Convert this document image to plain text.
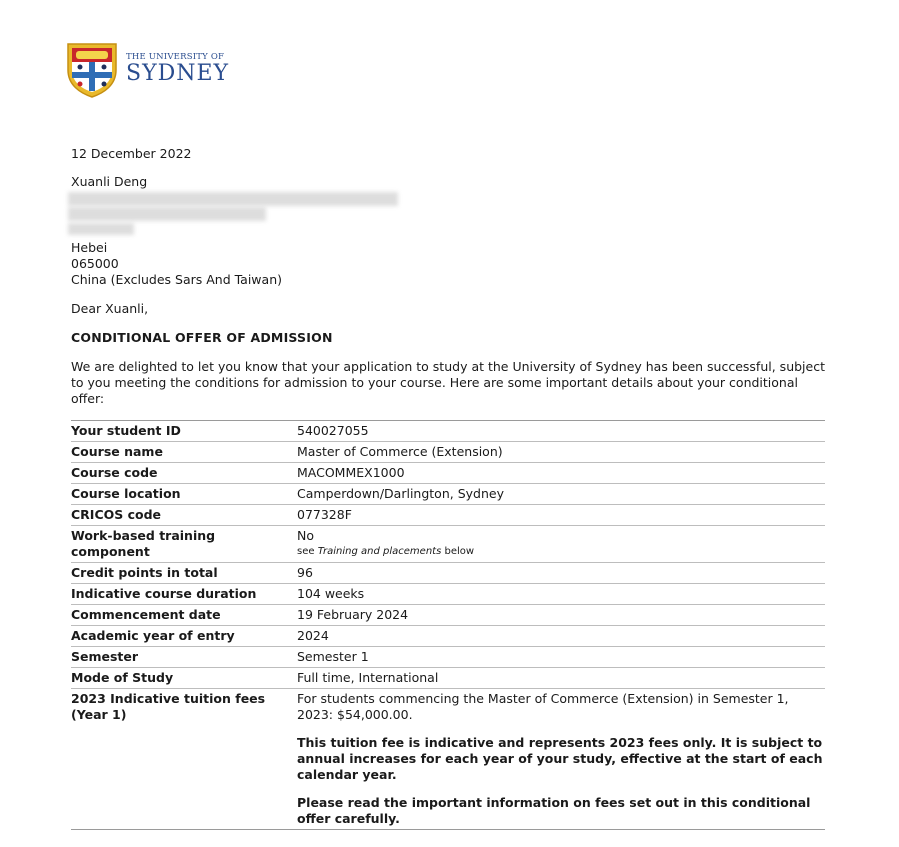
THE UNIVERSITY OF
SYDNEY

12 December 2022

Xuanli Deng

Hebei

065000

China (Excludes Sars And Taiwan)

Dear Xuanli,

CONDITIONAL OFFER OF ADMISSION

We are delighted to let you know that your application to study at the University of Sydney has been successful, subject to you meeting the conditions for admission to your course. Here are some important details about your conditional offer:

Your student ID	540027055
Course name	Master of Commerce (Extension)
Course code	MACOMMEX1000
Course location	Camperdown/Darlington, Sydney
CRICOS code	077328F
Work-based training component	No
see Training and placements below

Credit points in total	96
Indicative course duration	104 weeks
Commencement date	19 February 2024
Academic year of entry	2024
Semester	Semester 1
Mode of Study	Full time, International
2023 Indicative tuition fees (Year 1)	For students commencing the Master of Commerce (Extension) in Semester 1, 2023: $54,000.00.
This tuition fee is indicative and represents 2023 fees only. It is subject to annual increases for each year of your study, effective at the start of each calendar year.
Please read the important information on fees set out in this conditional offer carefully.
